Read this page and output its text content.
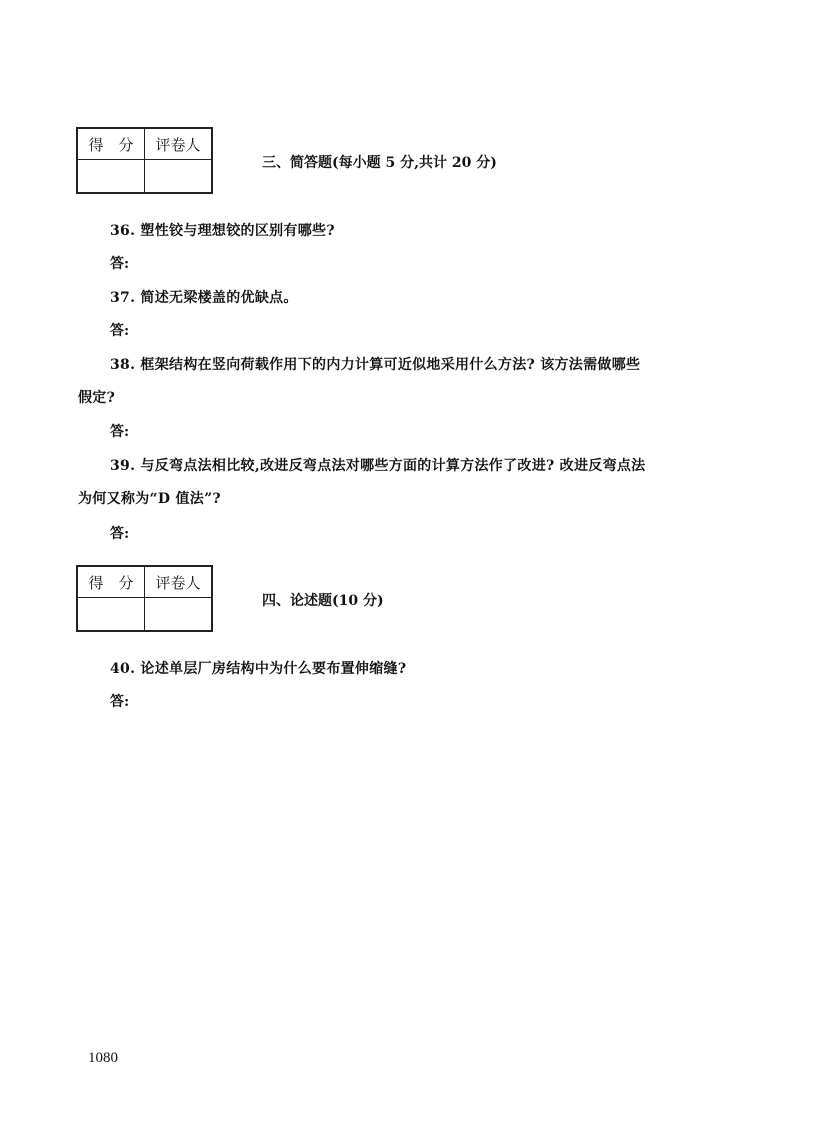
得　分	评卷人

三、简答题(每小题 5 分,共计 20 分)
36. 塑性铰与理想铰的区别有哪些?
答:
37. 简述无梁楼盖的优缺点。
答:
38. 框架结构在竖向荷载作用下的内力计算可近似地采用什么方法? 该方法需做哪些
假定?
答:
39. 与反弯点法相比较,改进反弯点法对哪些方面的计算方法作了改进? 改进反弯点法
为何又称为“D 值法”?
答:
得　分	评卷人

四、论述题(10 分)
40. 论述单层厂房结构中为什么要布置伸缩缝?
答:
1080
